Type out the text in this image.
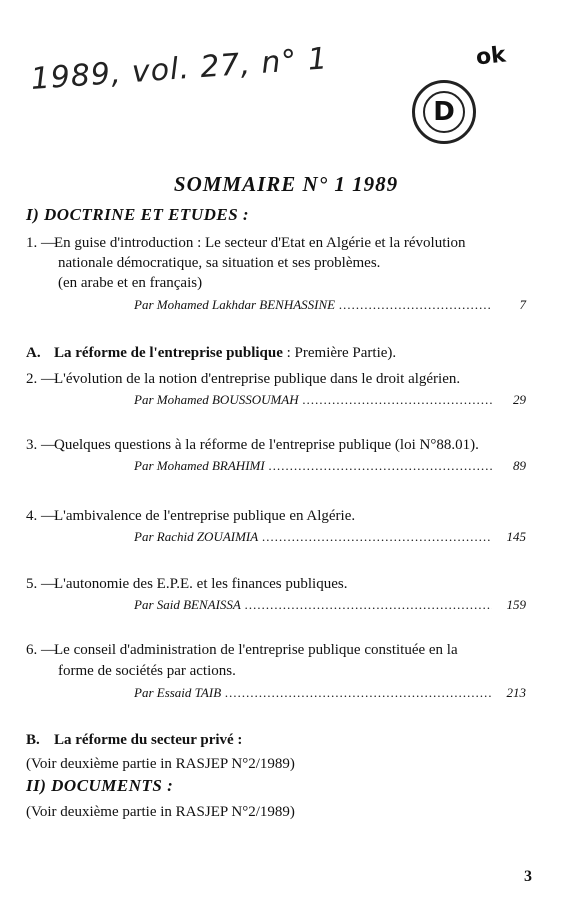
1989, vol. 27, n° 1	ok
D
SOMMAIRE N° 1 1989
I) DOCTRINE ET ETUDES :
1. —En guise d'introduction : Le secteur d'Etat en Algérie et la révolution
nationale démocratique, sa situation et ses problèmes.
(en arabe et en français)
Par Mohamed Lakhdar BENHASSINE .....	7
A. La réforme de l'entreprise publique : Première Partie).
2. —L'évolution de la notion d'entreprise publique dans le droit algérien.
Par Mohamed BOUSSOUMAH .....	29
3. —Quelques questions à la réforme de l'entreprise publique (loi N°88.01).
Par Mohamed BRAHIMI .....	89
4. —L'ambivalence de l'entreprise publique en Algérie.
Par Rachid ZOUAIMIA .....	145
5. —L'autonomie des E.P.E. et les finances publiques.
Par Said BENAISSA .....	159
6. —Le conseil d'administration de l'entreprise publique constituée en la
forme de sociétés par actions.
Par Essaid TAIB .....	213
B. La réforme du secteur privé :
(Voir deuxième partie in RASJEP N°2/1989)
II) DOCUMENTS :
(Voir deuxième partie in RASJEP N°2/1989)
3
